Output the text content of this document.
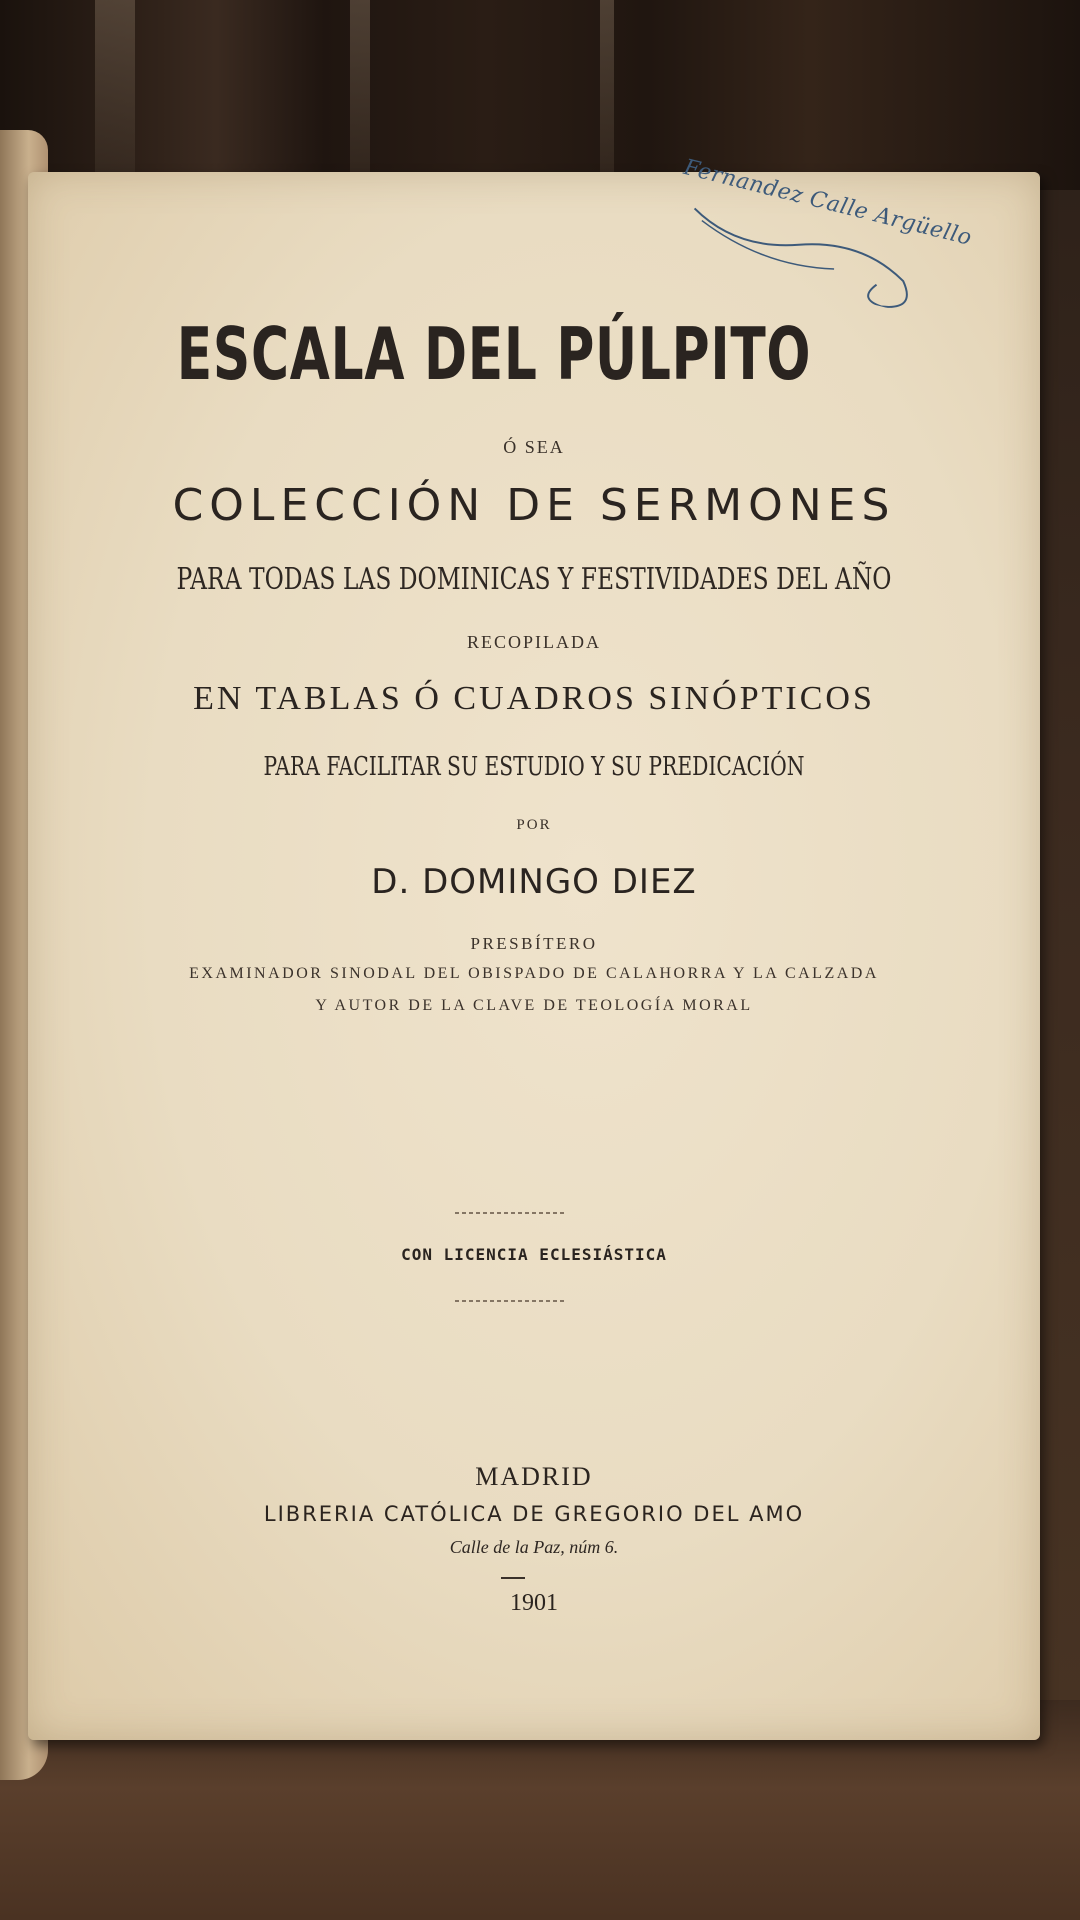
Fernandez Calle Argüello
ESCALA DEL PÚLPITO
Ó SEA
COLECCIÓN DE SERMONES
PARA TODAS LAS DOMINICAS Y FESTIVIDADES DEL AÑO
RECOPILADA
EN TABLAS Ó CUADROS SINÓPTICOS
PARA FACILITAR SU ESTUDIO Y SU PREDICACIÓN
POR
D. DOMINGO DIEZ
PRESBÍTERO
EXAMINADOR SINODAL DEL OBISPADO DE CALAHORRA Y LA CALZADA
Y AUTOR DE LA CLAVE DE TEOLOGÍA MORAL
CON LICENCIA ECLESIÁSTICA
MADRID
LIBRERIA CATÓLICA DE GREGORIO DEL AMO
Calle de la Paz, núm 6.
1901
